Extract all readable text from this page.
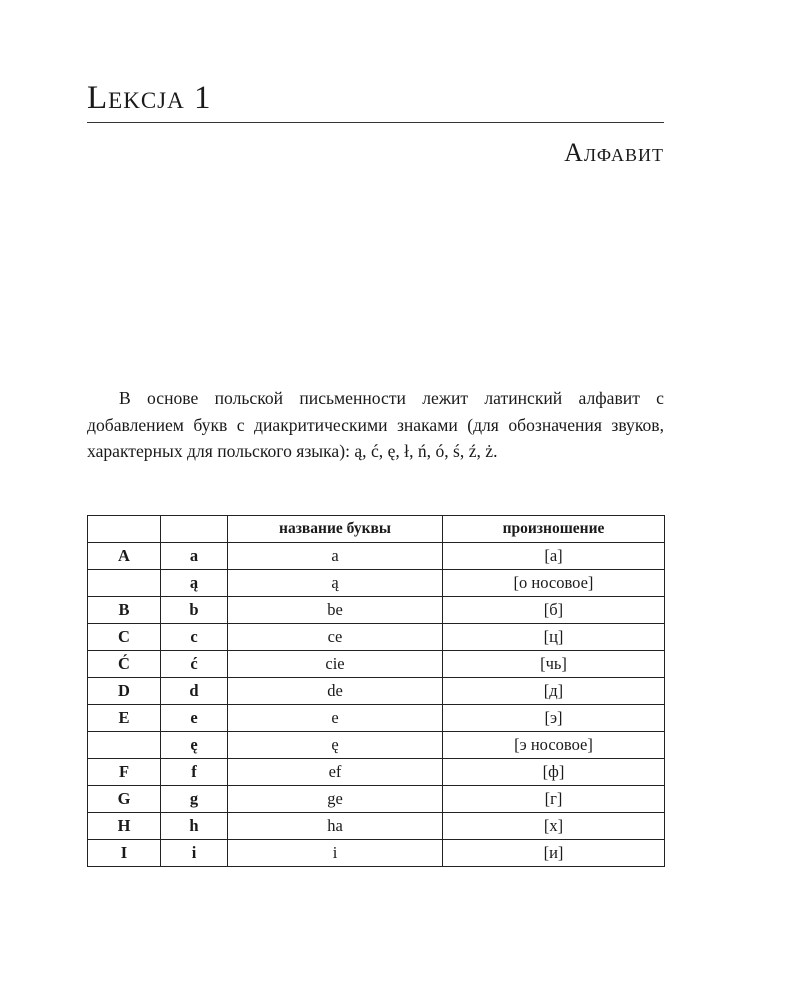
Lekcja 1
Алфавит

В основе польской письменности лежит латинский алфавит с добавлением букв с диакритическими знаками (для обозначения звуков, характерных для польского языка): ą, ć, ę, ł, ń, ó, ś, ź, ż.

		название буквы	произношение
A	a	a	[а]
	ą	ą	[о носовое]
B	b	be	[б]
C	c	ce	[ц]
Ć	ć	cie	[чь]
D	d	de	[д]
E	e	e	[э]
	ę	ę	[э носовое]
F	f	ef	[ф]
G	g	ge	[г]
H	h	ha	[х]
I	i	i	[и]
